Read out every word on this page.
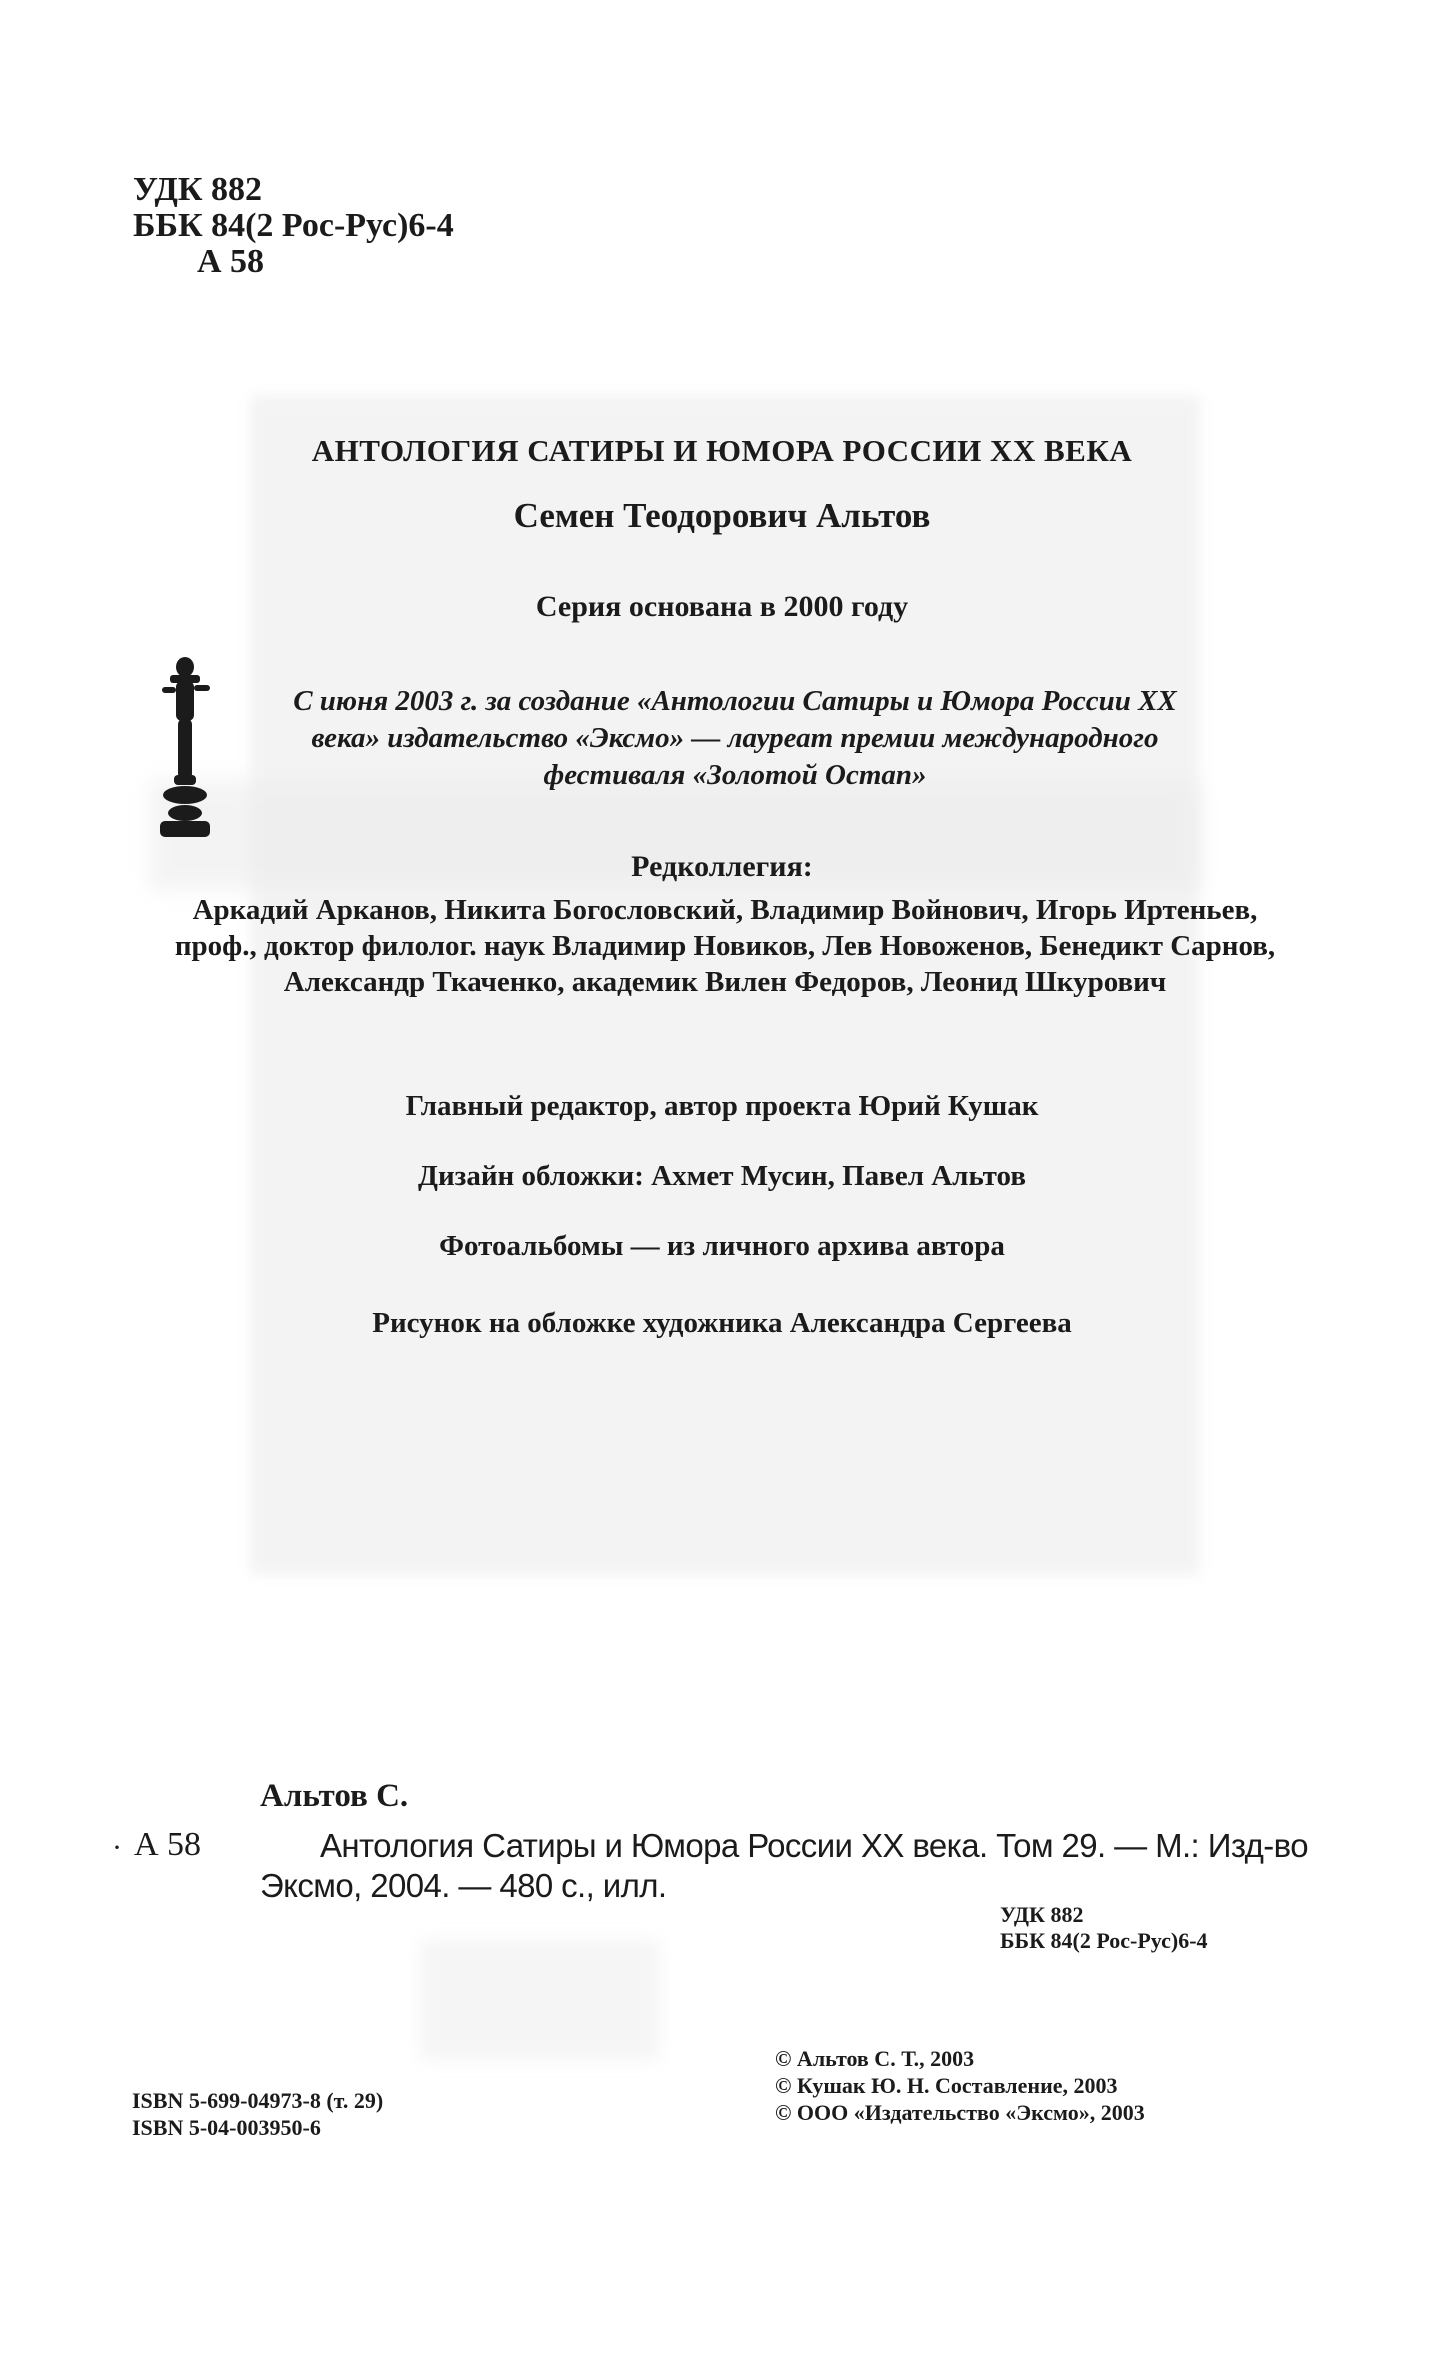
УДК 882
ББК 84(2 Рос-Рус)6-4
А 58
АНТОЛОГИЯ САТИРЫ И ЮМОРА РОССИИ XX ВЕКА
Семен Теодорович Альтов
Серия основана в 2000 году
С июня 2003 г. за создание «Антологии Сатиры и Юмора России XX века» издательство «Эксмо» — лауреат премии международного фестиваля «Золотой Остап»
Редколлегия:
Аркадий Арканов, Никита Богословский, Владимир Войнович, Игорь Иртеньев, проф., доктор филолог. наук Владимир Новиков, Лев Новоженов, Бенедикт Сарнов, Александр Ткаченко, академик Вилен Федоров, Леонид Шкурович
Главный редактор, автор проекта Юрий Кушак
Дизайн обложки: Ахмет Мусин, Павел Альтов
Фотоальбомы — из личного архива автора
Рисунок на обложке художника Александра Сергеева
Альтов С.
· А 58	Антология Сатиры и Юмора России XX века. Том 29. — М.: Изд-во Эксмо, 2004. — 480 с., илл.
УДК 882
ББК 84(2 Рос-Рус)6-4
ISBN 5-699-04973-8 (т. 29)
ISBN 5-04-003950-6
© Альтов С. Т., 2003
© Кушак Ю. Н. Составление, 2003
© ООО «Издательство «Эксмо», 2003
